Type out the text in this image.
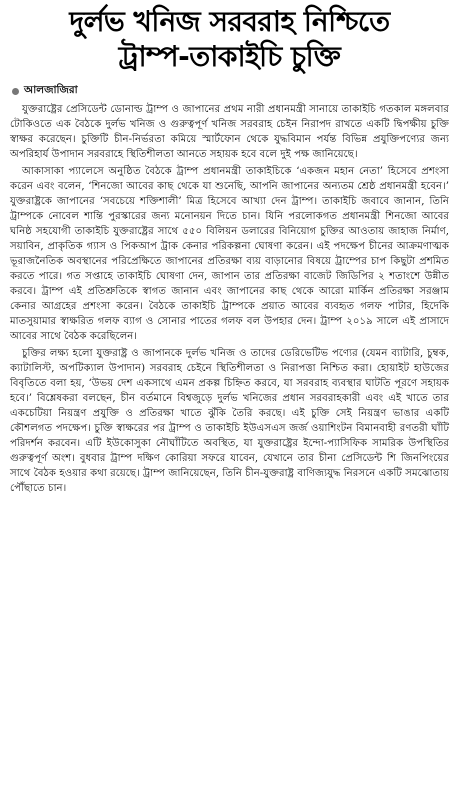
দুর্লভ খনিজ সরবরাহ নিশ্চিতে
ট্রাম্প-তাকাইচি চুক্তি
আলজাজিরা

যুক্তরাষ্ট্রের প্রেসিডেন্ট ডোনাল্ড ট্রাম্প ও জাপানের প্রথম নারী প্রধানমন্ত্রী সানায়ে তাকাইচি গতকাল মঙ্গলবার টোকিওতে এক বৈঠকে দুর্লভ খনিজ ও গুরুত্বপূর্ণ খনিজ সরবরাহ চেইন নিরাপদ রাখতে একটি দ্বিপক্ষীয় চুক্তি স্বাক্ষর করেছেন। চুক্তিটি চীন-নির্ভরতা কমিয়ে স্মার্টফোন থেকে যুদ্ধবিমান পর্যন্ত বিভিন্ন প্রযুক্তিপণ্যের জন্য অপরিহার্য উপাদান সরবরাহে স্থিতিশীলতা আনতে সহায়ক হবে বলে দুই পক্ষ জানিয়েছে।

আকাসাকা প্যালেসে অনুষ্ঠিত বৈঠকে ট্রাম্প প্রধানমন্ত্রী তাকাইচিকে ‘একজন মহান নেতা’ হিসেবে প্রশংসা করেন এবং বলেন, ‘শিনজো আবের কাছ থেকে যা শুনেছি, আপনি জাপানের অন্যতম শ্রেষ্ঠ প্রধানমন্ত্রী হবেন।’ যুক্তরাষ্ট্রকে জাপানের ‘সবচেয়ে শক্তিশালী’ মিত্র হিসেবে আখ্যা দেন ট্রাম্প। তাকাইচি জবাবে জানান, তিনি ট্রাম্পকে নোবেল শান্তি পুরস্কারের জন্য মনোনয়ন দিতে চান। যিনি পরলোকগত প্রধানমন্ত্রী শিনজো আবের ঘনিষ্ঠ সহযোগী তাকাইচি যুক্তরাষ্ট্রের সাথে ৫৫০ বিলিয়ন ডলারের বিনিয়োগ চুক্তির আওতায় জাহাজ নির্মাণ, সয়াবিন, প্রাকৃতিক গ্যাস ও পিকআপ ট্রাক কেনার পরিকল্পনা ঘোষণা করেন। এই পদক্ষেপ চীনের আক্রমণাত্মক ভূরাজনৈতিক অবস্থানের পরিপ্রেক্ষিতে জাপানের প্রতিরক্ষা ব্যয় বাড়ানোর বিষয়ে ট্রাম্পের চাপ কিছুটা প্রশমিত করতে পারে। গত সপ্তাহে তাকাইচি ঘোষণা দেন, জাপান তার প্রতিরক্ষা বাজেট জিডিপির ২ শতাংশে উন্নীত করবে। ট্রাম্প এই প্রতিশ্রুতিকে স্বাগত জানান এবং জাপানের কাছ থেকে আরো মার্কিন প্রতিরক্ষা সরঞ্জাম কেনার আগ্রহের প্রশংসা করেন। বৈঠকে তাকাইচি ট্রাম্পকে প্রয়াত আবের ব্যবহৃত গলফ পাটার, হিদেকি মাতসুয়ামার স্বাক্ষরিত গলফ ব্যাগ ও সোনার পাতের গলফ বল উপহার দেন। ট্রাম্প ২০১৯ সালে এই প্রাসাদে আবের সাথে বৈঠক করেছিলেন।

চুক্তির লক্ষ্য হলো যুক্তরাষ্ট্র ও জাপানকে দুর্লভ খনিজ ও তাদের ডেরিভেটিভ পণ্যের (যেমন ব্যাটারি, চুম্বক, ক্যাটালিস্ট, অপটিক্যাল উপাদান) সরবরাহ চেইনে স্থিতিশীলতা ও নিরাপত্তা নিশ্চিত করা। হোয়াইট হাউজের বিবৃতিতে বলা হয়, ‘উভয় দেশ একসাথে এমন প্রকল্প চিহ্নিত করবে, যা সরবরাহ ব্যবস্থার ঘাটতি পূরণে সহায়ক হবে।’ বিশ্লেষকরা বলছেন, চীন বর্তমানে বিশ্বজুড়ে দুর্লভ খনিজের প্রধান সরবরাহকারী এবং এই খাতে তার একচেটিয়া নিয়ন্ত্রণ প্রযুক্তি ও প্রতিরক্ষা খাতে ঝুঁকি তৈরি করছে। এই চুক্তি সেই নিয়ন্ত্রণ ভাঙার একটি কৌশলগত পদক্ষেপ। চুক্তি স্বাক্ষরের পর ট্রাম্প ও তাকাইচি ইউএসএস জর্জ ওয়াশিংটন বিমানবাহী রণতরী ঘাঁটি পরিদর্শন করবেন। এটি ইউকোসুকা নৌঘাঁটিতে অবস্থিত, যা যুক্তরাষ্ট্রের ইন্দো-প্যাসিফিক সামরিক উপস্থিতির গুরুত্বপূর্ণ অংশ। বুধবার ট্রাম্প দক্ষিণ কোরিয়া সফরে যাবেন, যেখানে তার চীনা প্রেসিডেন্ট শি জিনপিংয়ের সাথে বৈঠক হওয়ার কথা রয়েছে। ট্রাম্প জানিয়েছেন, তিনি চীন-যুক্তরাষ্ট্র বাণিজ্যযুদ্ধ নিরসনে একটি সমঝোতায় পৌঁছাতে চান।
